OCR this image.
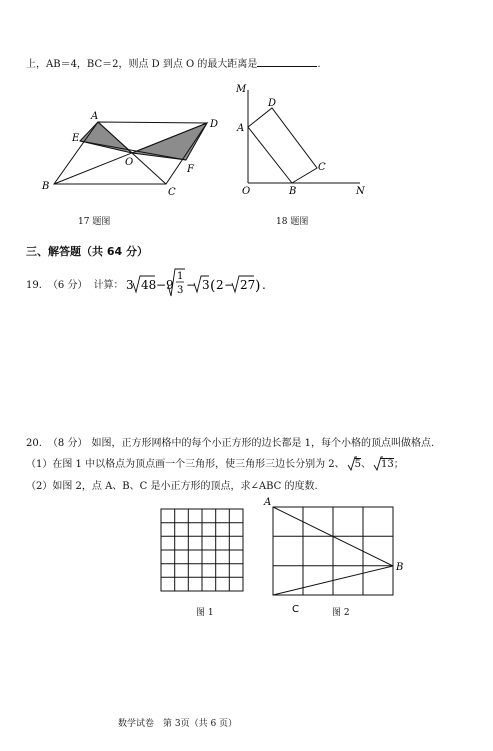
上，AB＝4，BC＝2，则点 D 到点 O 的最大距离是	.
A
D
E
O
F
B
C
17 题图
M
D
A
C
O	B	N
18 题图
三、解答题（共 64 分）
19. （6 分） 计算： 3 48 −9
1
3 − 3 ( 2 − 27 ) .
20. （8 分） 如图，正方形网格中的每个小正方形的边长都是 1，每个小格的顶点叫做格点.
（1）在图 1 中以格点为顶点画一个三角形，使三角形三边长分别为 2、 5、 13；
（2）如图 2，点 A、B、C 是小正方形的顶点，求∠ABC 的度数.
图 1
A
B
C	图 2
数学试卷　第 3页（共 6 页）
